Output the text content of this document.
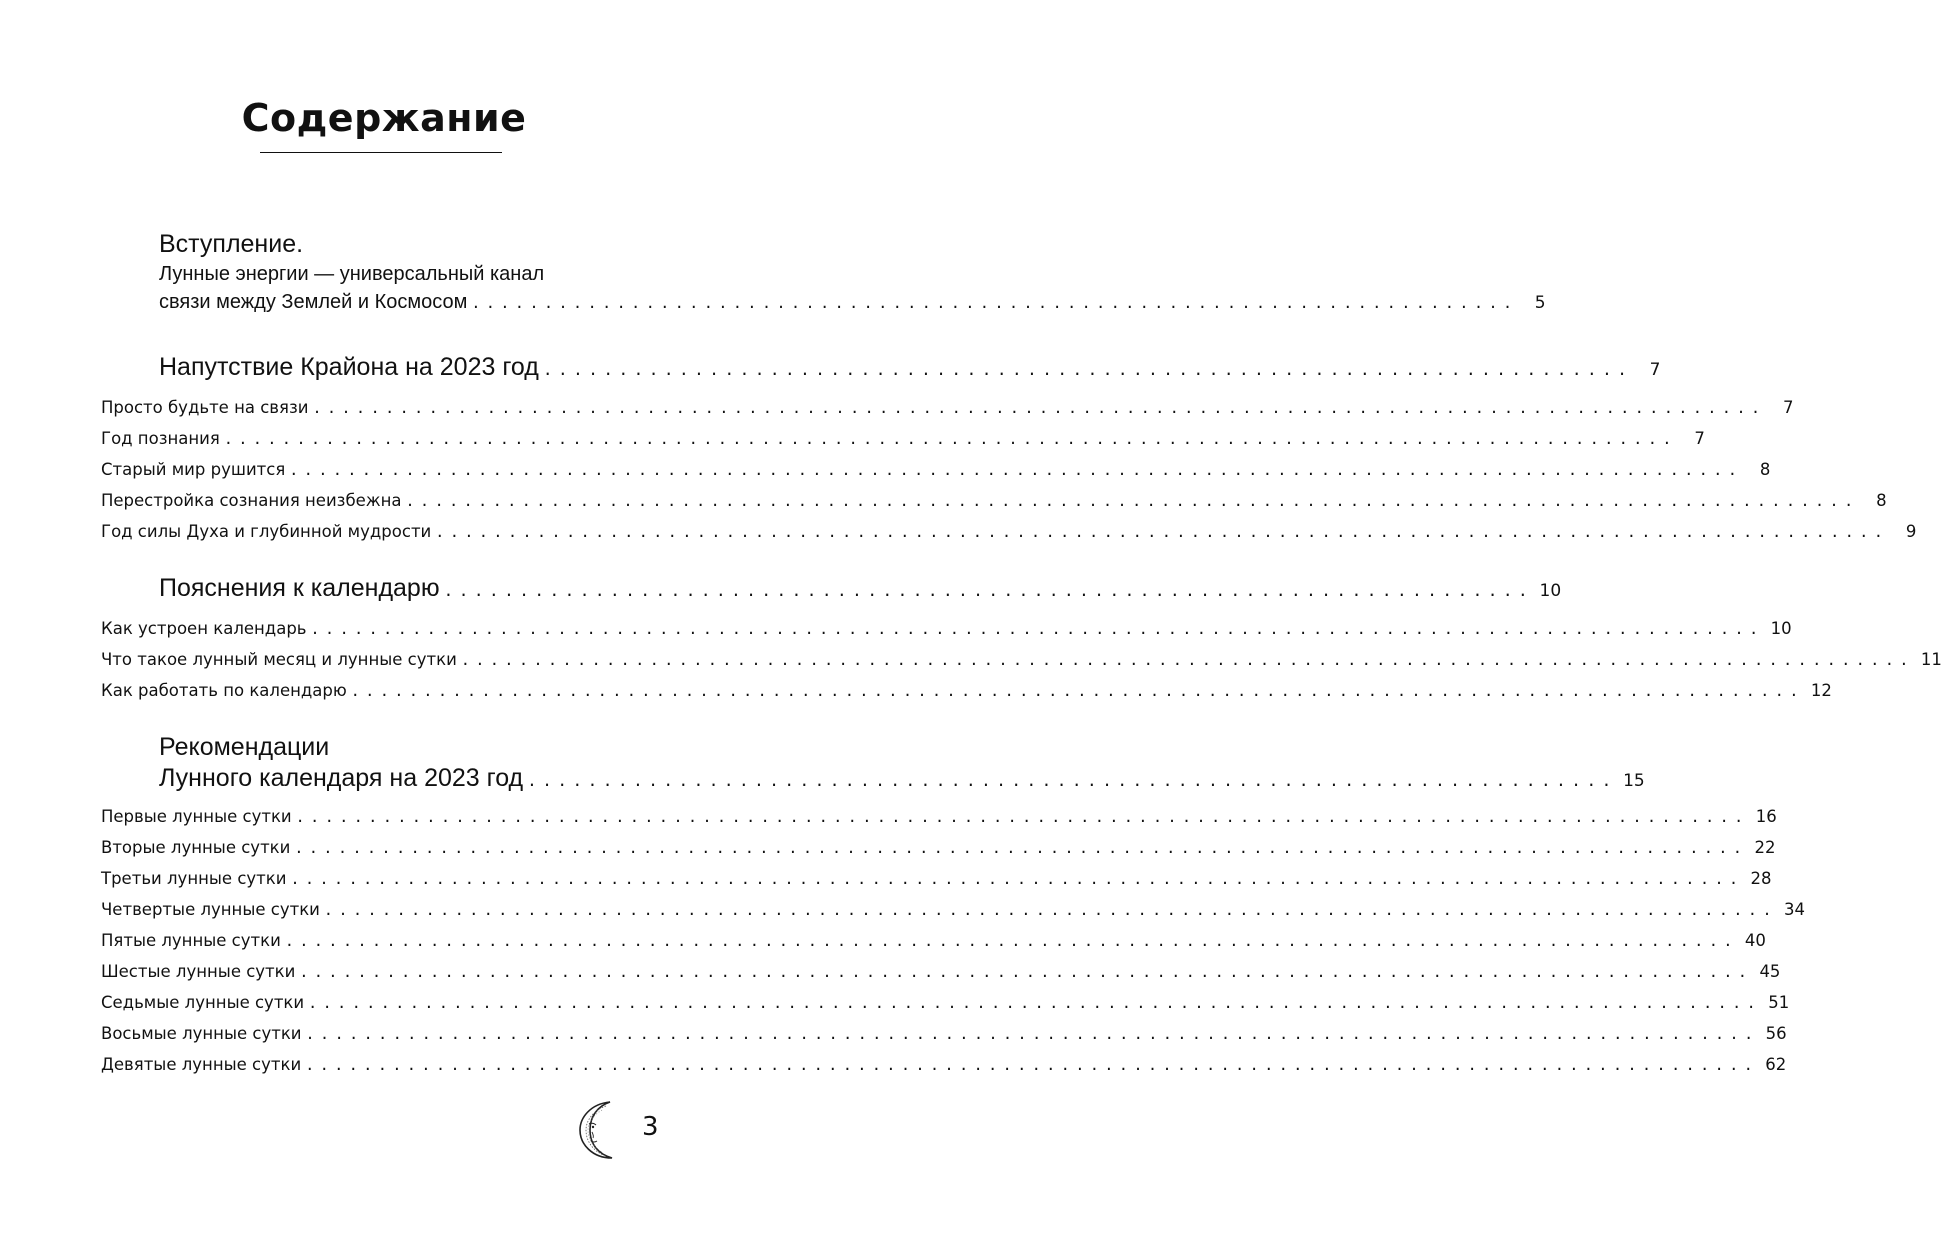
Содержание
Вступление.
Лунные энергии — универсальный канал
связи между Землей и Космосом ........................................................................	5
Напутствие Крайона на 2023 год ........................................................................	7
Просто будьте на связи ....................................................................................................	7
Год познания ....................................................................................................	7
Старый мир рушится ....................................................................................................	8
Перестройка сознания неизбежна ....................................................................................................	8
Год силы Духа и глубинной мудрости ....................................................................................................	9
Пояснения к календарю ........................................................................ 10
Как устроен календарь .................................................................................................... 10
Что такое лунный месяц и лунные сутки .................................................................................................... 11
Как работать по календарю .................................................................................................... 12
Рекомендации
Лунного календаря на 2023 год ........................................................................ 15
Первые лунные сутки .................................................................................................... 16
Вторые лунные сутки .................................................................................................... 22
Третьи лунные сутки .................................................................................................... 28
Четвертые лунные сутки .................................................................................................... 34
Пятые лунные сутки .................................................................................................... 40
Шестые лунные сутки .................................................................................................... 45
Седьмые лунные сутки .................................................................................................... 51
Восьмые лунные сутки .................................................................................................... 56
Девятые лунные сутки .................................................................................................... 62
3
